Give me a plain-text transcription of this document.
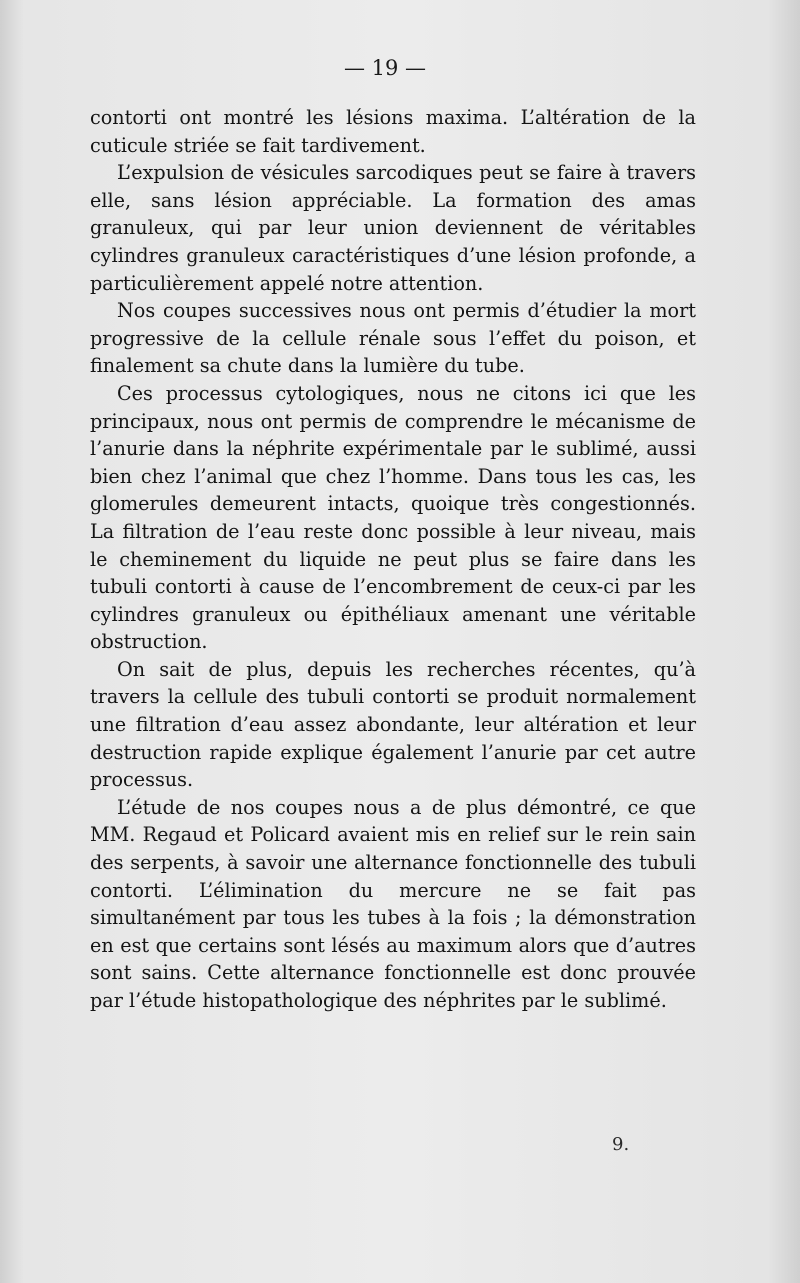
— 19 —

contorti ont montré les lésions maxima. L’altération de la cuticule striée se fait tardivement.

L’expulsion de vésicules sarcodiques peut se faire à travers elle, sans lésion appréciable. La formation des amas granuleux, qui par leur union deviennent de véritables cylindres granuleux caractéristiques d’une lésion profonde, a particulièrement appelé notre attention.

Nos coupes successives nous ont permis d’étudier la mort progressive de la cellule rénale sous l’effet du poison, et finalement sa chute dans la lumière du tube.

Ces processus cytologiques, nous ne citons ici que les principaux, nous ont permis de comprendre le mécanisme de l’anurie dans la néphrite expérimentale par le sublimé, aussi bien chez l’animal que chez l’homme. Dans tous les cas, les glomerules demeurent intacts, quoique très congestionnés. La filtration de l’eau reste donc possible à leur niveau, mais le cheminement du liquide ne peut plus se faire dans les tubuli contorti à cause de l’encombrement de ceux-ci par les cylindres granuleux ou épithéliaux amenant une véritable obstruction.

On sait de plus, depuis les recherches récentes, qu’à travers la cellule des tubuli contorti se produit normalement une filtration d’eau assez abondante, leur altération et leur destruction rapide explique également l’anurie par cet autre processus.

L’étude de nos coupes nous a de plus démontré, ce que MM. Regaud et Policard avaient mis en relief sur le rein sain des serpents, à savoir une alternance fonctionnelle des tubuli contorti. L’élimination du mercure ne se fait pas simultanément par tous les tubes à la fois ; la démonstration en est que certains sont lésés au maximum alors que d’autres sont sains. Cette alternance fonctionnelle est donc prouvée par l’étude histopathologique des néphrites par le sublimé.

9.
